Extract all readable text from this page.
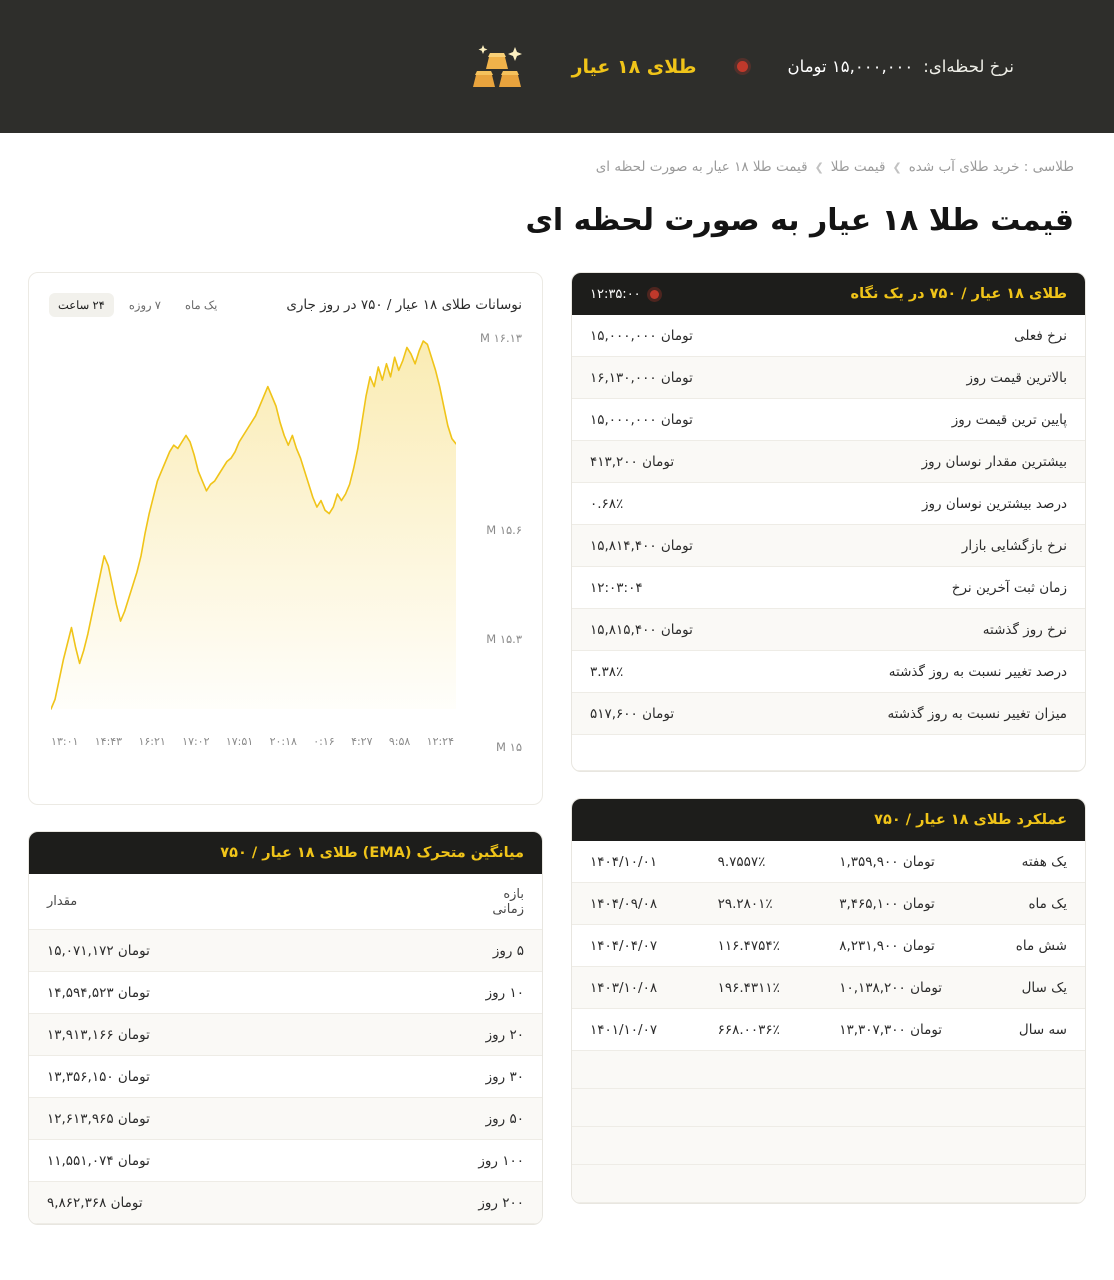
نرخ لحظه‌ای:
۱۵,۰۰۰,۰۰۰ تومان
طلای ۱۸ عیار
طلاسی : خرید طلای آب شده
❯
قیمت طلا
❯
قیمت طلا ۱۸ عیار به صورت لحظه ای
قیمت طلا ۱۸ عیار به صورت لحظه ای
طلای ۱۸ عیار / ۷۵۰ در یک نگاه
۱۲:۳۵:۰۰
نرخ فعلی	۱۵,۰۰۰,۰۰۰ تومان
بالاترین قیمت روز	۱۶,۱۳۰,۰۰۰ تومان
پایین ترین قیمت روز	۱۵,۰۰۰,۰۰۰ تومان
بیشترین مقدار نوسان روز	۴۱۳,۲۰۰ تومان
درصد بیشترین نوسان روز	۰.۶۸٪
نرخ بازگشایی بازار	۱۵,۸۱۴,۴۰۰ تومان
زمان ثبت آخرین نرخ	۱۲:۰۳:۰۴
نرخ روز گذشته	۱۵,۸۱۵,۴۰۰ تومان
درصد تغییر نسبت به روز گذشته	۳.۳۸٪
میزان تغییر نسبت به روز گذشته	۵۱۷,۶۰۰ تومان

عملکرد طلای ۱۸ عیار / ۷۵۰
یک هفته	۱,۳۵۹,۹۰۰ تومان	۹.۷۵۵۷٪	۱۴۰۴/۱۰/۰۱
یک ماه	۳,۴۶۵,۱۰۰ تومان	۲۹.۲۸۰۱٪	۱۴۰۴/۰۹/۰۸
شش ماه	۸,۲۳۱,۹۰۰ تومان	۱۱۶.۴۷۵۴٪	۱۴۰۴/۰۴/۰۷
یک سال	۱۰,۱۳۸,۲۰۰ تومان	۱۹۶.۴۳۱۱٪	۱۴۰۳/۱۰/۰۸
سه سال	۱۳,۳۰۷,۳۰۰ تومان	۶۶۸.۰۰۳۶٪	۱۴۰۱/۱۰/۰۷

نوسانات طلای ۱۸ عیار / ۷۵۰ در روز جاری
۲۴ ساعت	۷ روزه	یک ماه
۱۶.۱۳ M
۱۵.۶ M
۱۵.۳ M
۱۵ M
۱۳:۰۱ ۱۴:۴۳ ۱۶:۲۱ ۱۷:۰۲ ۱۷:۵۱ ۲۰:۱۸ ۰:۱۶ ۴:۲۷ ۹:۵۸ ۱۲:۲۴
میانگین متحرک (EMA) طلای ۱۸ عیار / ۷۵۰
بازه زمانی	مقدار
۵ روز	۱۵,۰۷۱,۱۷۲ تومان
۱۰ روز	۱۴,۵۹۴,۵۲۳ تومان
۲۰ روز	۱۳,۹۱۳,۱۶۶ تومان
۳۰ روز	۱۳,۳۵۶,۱۵۰ تومان
۵۰ روز	۱۲,۶۱۳,۹۶۵ تومان
۱۰۰ روز	۱۱,۵۵۱,۰۷۴ تومان
۲۰۰ روز	۹,۸۶۲,۳۶۸ تومان
